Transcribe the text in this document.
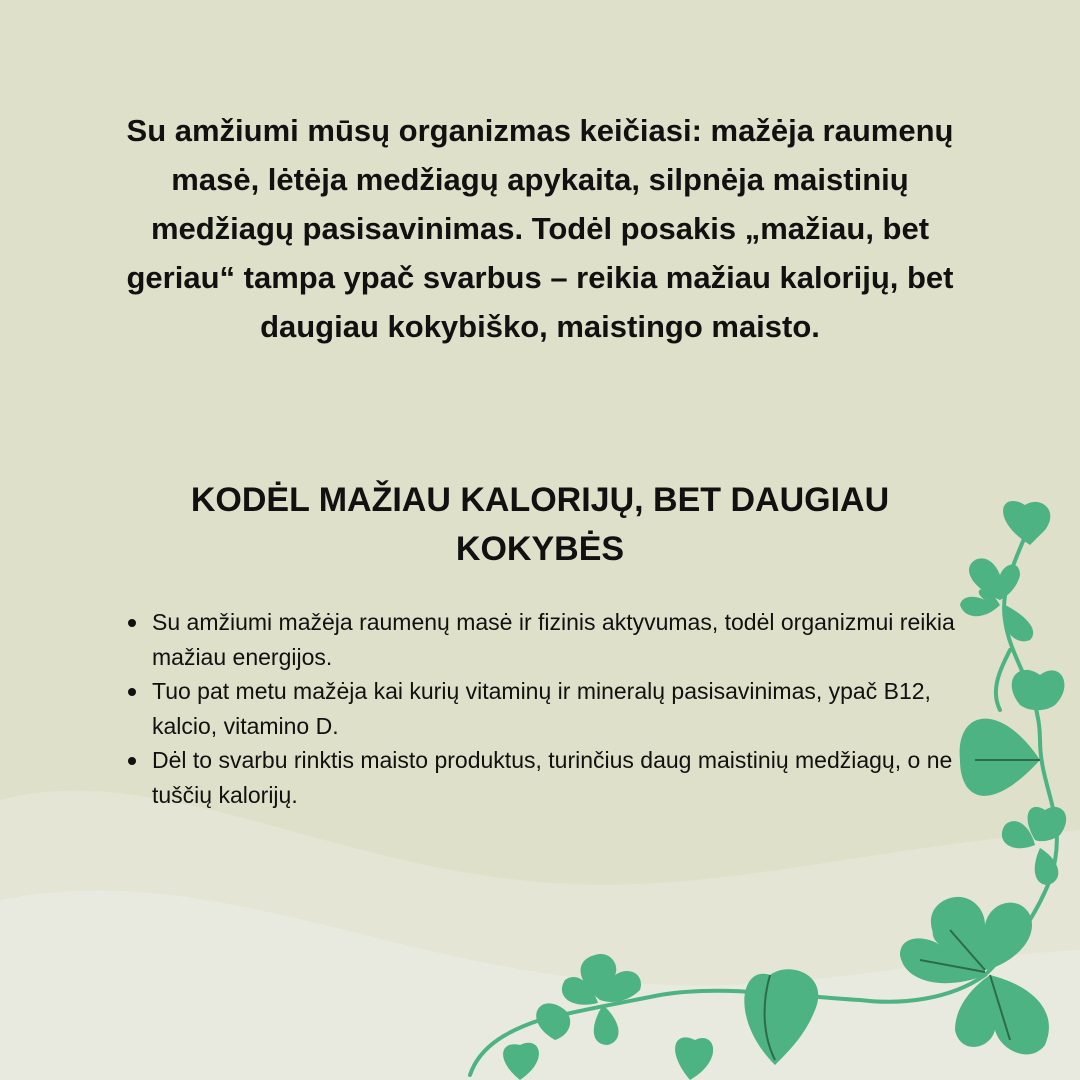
Su amžiumi mūsų organizmas keičiasi: mažėja raumenų masė, lėtėja medžiagų apykaita, silpnėja maistinių medžiagų pasisavinimas. Todėl posakis „mažiau, bet geriau“ tampa ypač svarbus – reikia mažiau kalorijų, bet daugiau kokybiško, maistingo maisto.

KODĖL MAŽIAU KALORIJŲ, BET DAUGIAU KOKYBĖS
Su amžiumi mažėja raumenų masė ir fizinis aktyvumas, todėl organizmui reikia mažiau energijos.
Tuo pat metu mažėja kai kurių vitaminų ir mineralų pasisavinimas, ypač B12, kalcio, vitamino D.
Dėl to svarbu rinktis maisto produktus, turinčius daug maistinių medžiagų, o ne tuščių kalorijų.
